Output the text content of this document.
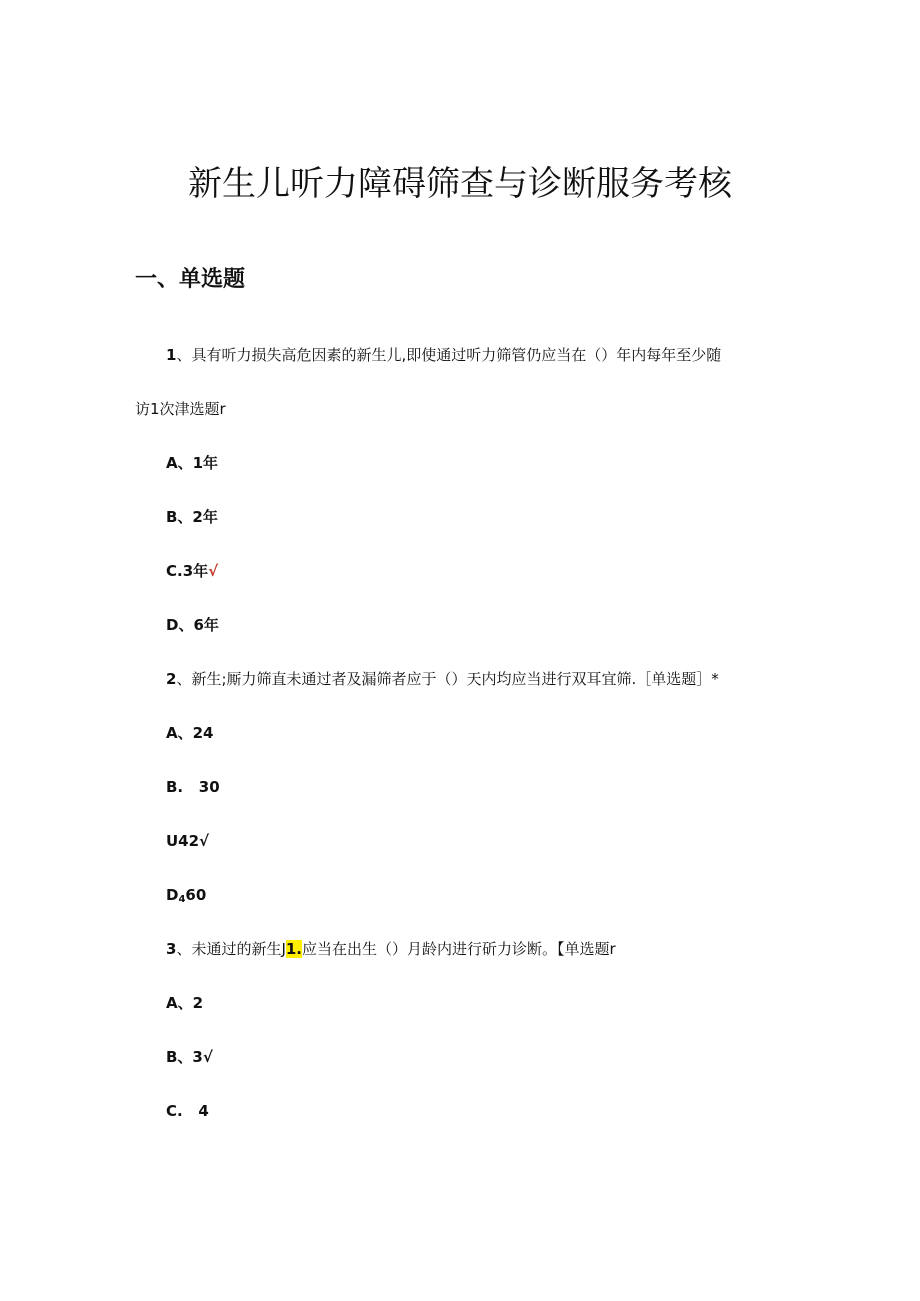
新生儿听力障碍筛查与诊断服务考核
一、单选题
1、具有听力损失高危因素的新生儿,即使通过听力筛管仍应当在（）年内每年至少随
访1次津选题r
A、1年
B、2年
C.3年√
D、6年
2、新生;厮力筛直未通过者及漏筛者应于（）天内均应当进行双耳宜筛.［单选题］*
A、24
B.   30
U42√
$D_460$
3、未通过的新生J1.应当在出生（）月龄内进行斫力诊断。【单选题r
A、2
B、3√
C.   4
